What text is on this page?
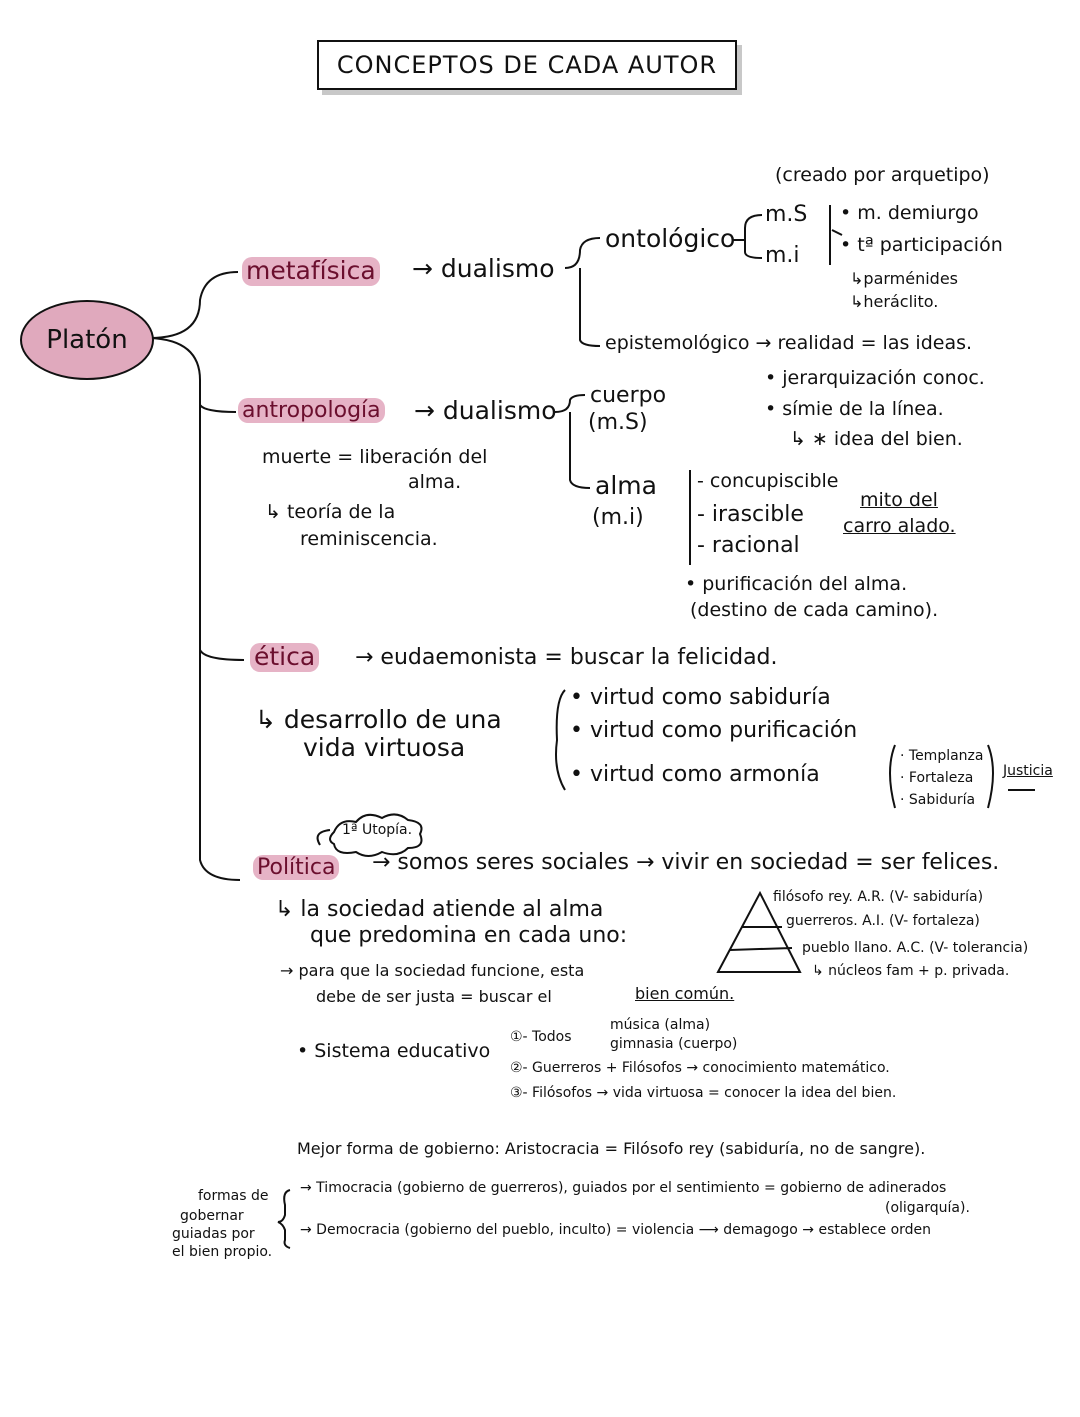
CONCEPTOS DE CADA AUTOR
Platón
metafísica → dualismo
ontológico
(creado por arquetipo)
m.S
m.i
• m. demiurgo
• tª participación
↳parménides
↳heráclito.
epistemológico → realidad = las ideas.
• jerarquización conoc.
• símie de la línea.
↳ ∗ idea del bien.
antropología → dualismo
cuerpo
(m.S)
alma
(m.i)
muerte = liberación del
alma.
↳ teoría de la
reminiscencia.
- concupiscible
- irascible
- racional
mito del
carro alado.
• purificación del alma.
(destino de cada camino).
ética → eudaemonista = buscar la felicidad.
↳ desarrollo de una
vida virtuosa
• virtud como sabiduría
• virtud como purificación
• virtud como armonía
· Templanza
· Fortaleza
· Sabiduría
Justicia
1ª Utopía.
Política → somos seres sociales → vivir en sociedad = ser felices.
↳ la sociedad atiende al alma
que predomina en cada uno:
→ para que la sociedad funcione, esta
debe de ser justa = buscar el	bien común.
filósofo rey. A.R. (V- sabiduría)
guerreros. A.I. (V- fortaleza)
pueblo llano. A.C. (V- tolerancia)
↳ núcleos fam + p. privada.
• Sistema educativo
①- Todos
música (alma)
gimnasia (cuerpo)
②- Guerreros + Filósofos → conocimiento matemático.
③- Filósofos → vida virtuosa = conocer la idea del bien.
Mejor forma de gobierno: Aristocracia = Filósofo rey (sabiduría, no de sangre).
formas de
gobernar
guiadas por
el bien propio.
→ Timocracia (gobierno de guerreros), guiados por el sentimiento = gobierno de adinerados
(oligarquía).
→ Democracia (gobierno del pueblo, inculto) = violencia ⟶ demagogo → establece orden
